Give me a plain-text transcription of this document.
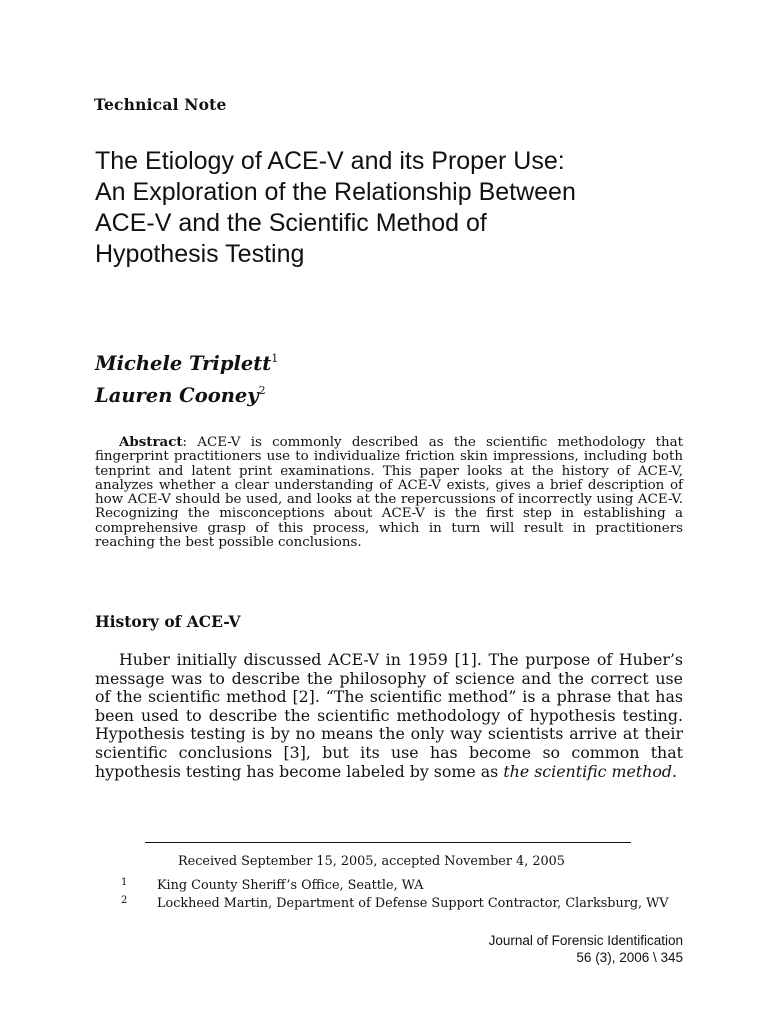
Technical Note
The Etiology of ACE-V and its Proper Use:
An Exploration of the Relationship Between
ACE-V and the Scientific Method of
Hypothesis Testing
Michele Triplett$^1$
Lauren Cooney$^2$

Abstract: ACE-V is commonly described as the scientific methodology that fingerprint practitioners use to individualize friction skin impressions, including both tenprint and latent print examinations. This paper looks at the history of ACE-V, analyzes whether a clear understanding of ACE-V exists, gives a brief description of how ACE-V should be used, and looks at the repercussions of incorrectly using ACE-V. Recognizing the misconceptions about ACE-V is the first step in establishing a comprehensive grasp of this process, which in turn will result in practitioners reaching the best possible conclusions.

History of ACE-V

Huber initially discussed ACE-V in 1959 [1]. The purpose of Huber’s message was to describe the philosophy of science and the correct use of the scientific method [2]. “The scientific method” is a phrase that has been used to describe the scientific methodology of hypothesis testing. Hypothesis testing is by no means the only way scientists arrive at their scientific conclusions [3], but its use has become so common that hypothesis testing has become labeled by some as the scientific method.

Received September 15, 2005, accepted November 4, 2005
1 King County Sheriff’s Office, Seattle, WA
2 Lockheed Martin, Department of Defense Support Contractor, Clarksburg, WV
Journal of Forensic Identification
56 (3), 2006 \ 345
